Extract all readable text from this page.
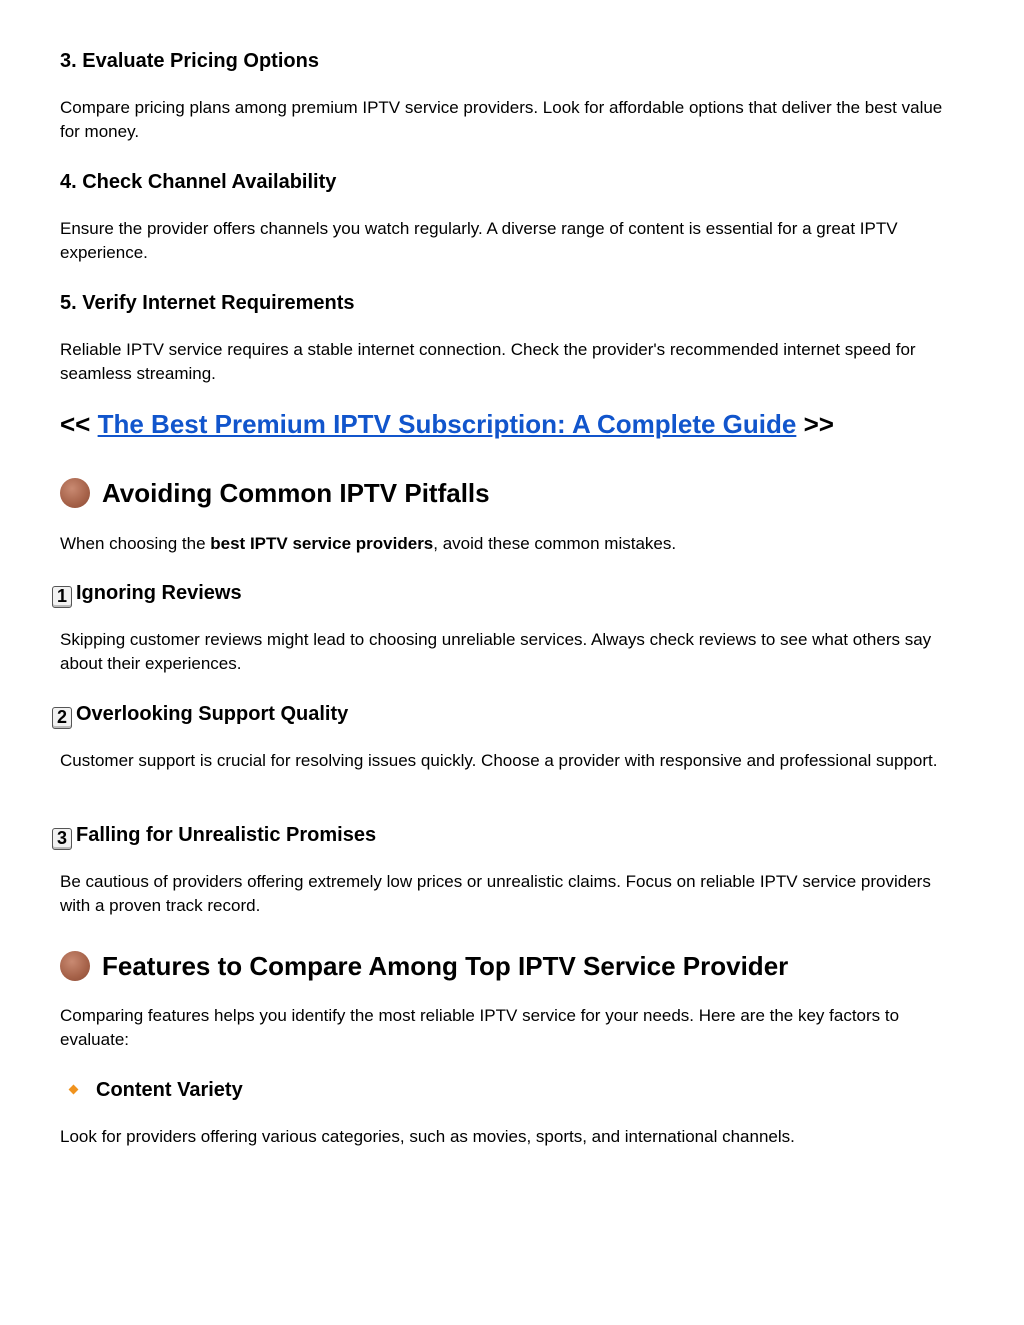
3. Evaluate Pricing Options
Compare pricing plans among premium IPTV service providers. Look for affordable options that deliver the best value for money.
4. Check Channel Availability
Ensure the provider offers channels you watch regularly. A diverse range of content is essential for a great IPTV experience.
5. Verify Internet Requirements
Reliable IPTV service requires a stable internet connection. Check the provider's recommended internet speed for seamless streaming.
<< The Best Premium IPTV Subscription: A Complete Guide >>
Avoiding Common IPTV Pitfalls
When choosing the best IPTV service providers, avoid these common mistakes.
1 Ignoring Reviews
Skipping customer reviews might lead to choosing unreliable services. Always check reviews to see what others say about their experiences.
2 Overlooking Support Quality
Customer support is crucial for resolving issues quickly. Choose a provider with responsive and professional support.
3 Falling for Unrealistic Promises
Be cautious of providers offering extremely low prices or unrealistic claims. Focus on reliable IPTV service providers with a proven track record.
Features to Compare Among Top IPTV Service Provider
Comparing features helps you identify the most reliable IPTV service for your needs. Here are the key factors to evaluate:
Content Variety
Look for providers offering various categories, such as movies, sports, and international channels.
